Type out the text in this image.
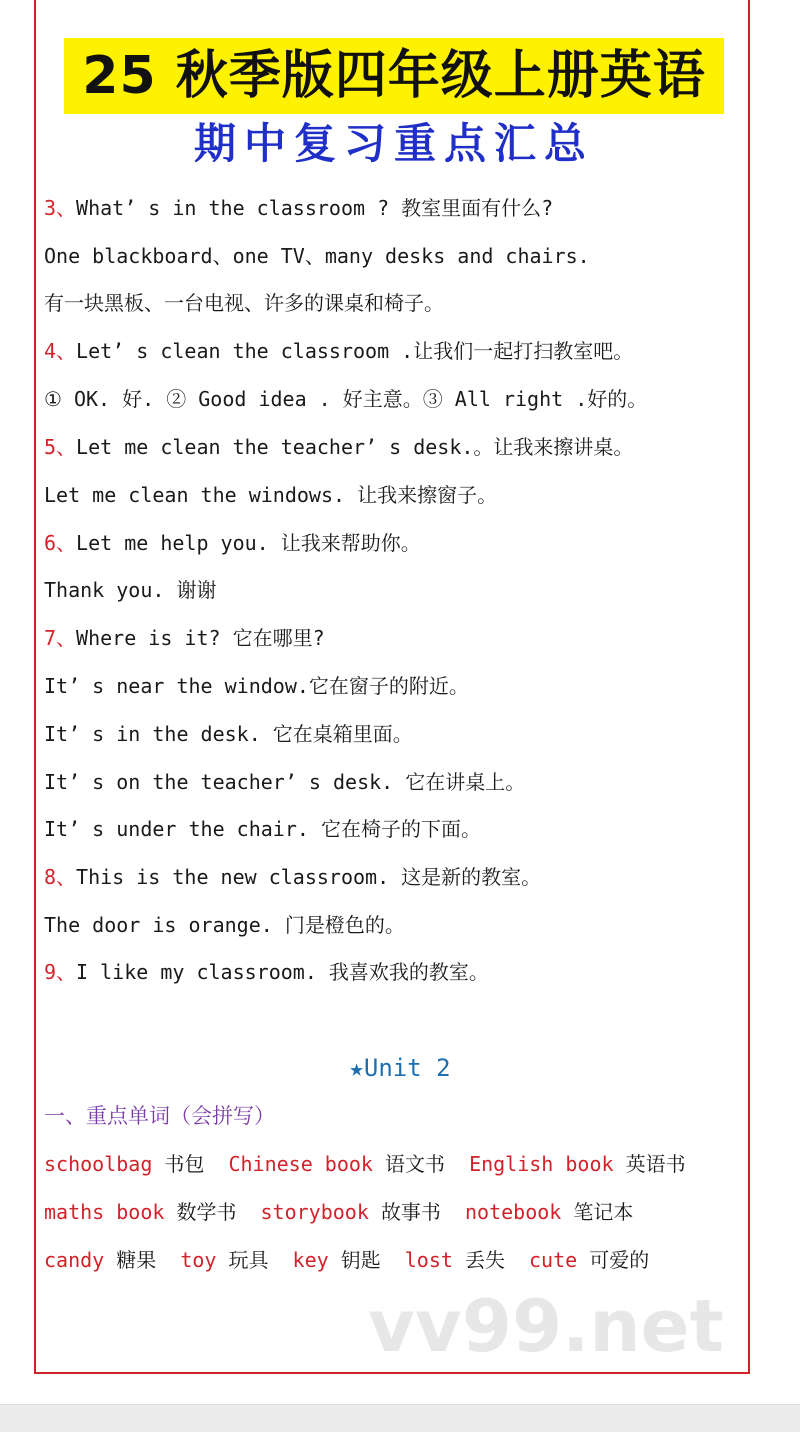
25 秋季版四年级上册英语
期中复习重点汇总
3、What’ s in the classroom ? 教室里面有什么?
One blackboard、one TV、many desks and chairs.
有一块黑板、一台电视、许多的课桌和椅子。
4、Let’ s clean the classroom .让我们一起打扫教室吧。
① OK. 好. ② Good idea . 好主意。③ All right .好的。
5、Let me clean the teacher’ s desk.。让我来擦讲桌。
Let me clean the windows. 让我来擦窗子。
6、Let me help you. 让我来帮助你。
Thank you. 谢谢
7、Where is it? 它在哪里?
It’ s near the window.它在窗子的附近。
It’ s in the desk. 它在桌箱里面。
It’ s on the teacher’ s desk. 它在讲桌上。
It’ s under the chair. 它在椅子的下面。
8、This is the new classroom. 这是新的教室。
The door is orange. 门是橙色的。
9、I like my classroom. 我喜欢我的教室。
★Unit 2
一、重点单词（会拼写）
schoolbag 书包 Chinese book 语文书 English book 英语书
maths book 数学书 storybook 故事书 notebook 笔记本
candy 糖果 toy 玩具 key 钥匙 lost 丢失 cute 可爱的
vv99.net
